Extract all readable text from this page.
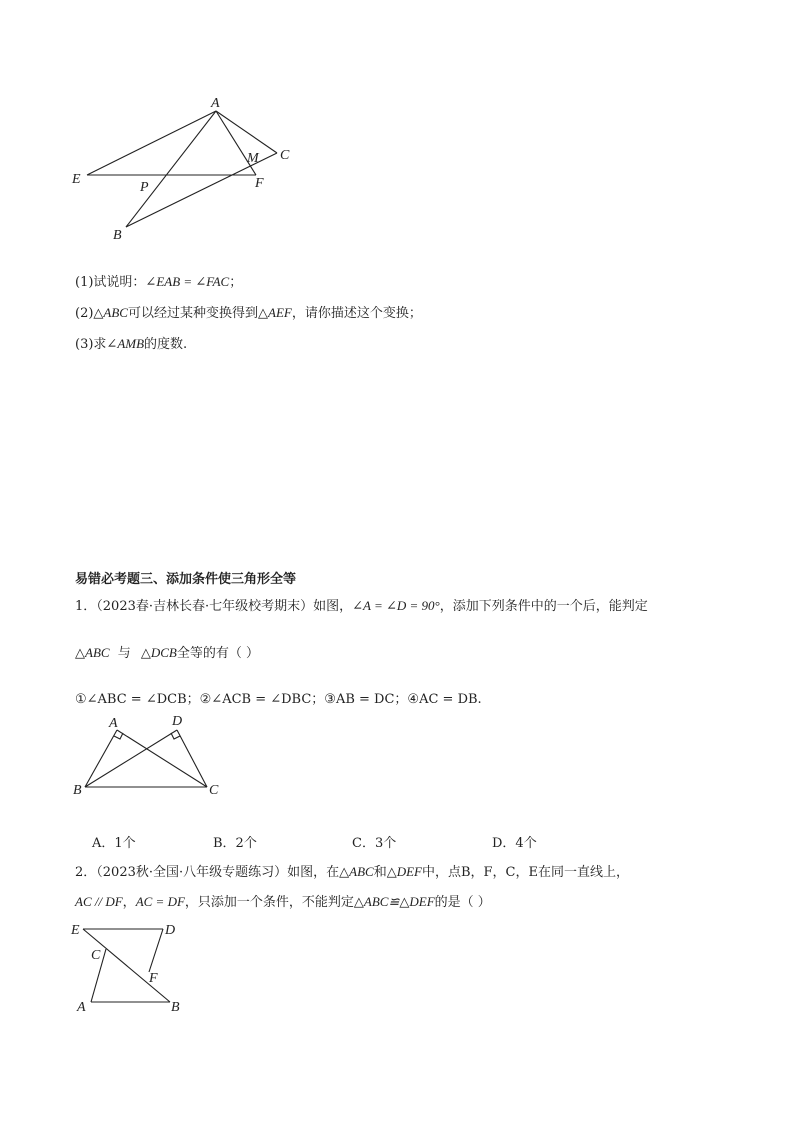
A
C
M
E
P	F
B
(1)试说明：∠EAB = ∠FAC；
(2)△ABC可以经过某种变换得到△AEF，请你描述这个变换；
(3)求∠AMB的度数.
易错必考题三、添加条件使三角形全等
1．（2023春·吉林长春·七年级校考期末）如图，∠A = ∠D = 90°，添加下列条件中的一个后，能判定
△ABC 与 △DCB全等的有（ ）
①∠ABC = ∠DCB；②∠ACB = ∠DBC；③AB = DC；④AC = DB.
A	D
B	C
A．1个	B．2个	C．3个	D．4个
2．（2023秋·全国·八年级专题练习）如图，在△ABC和△DEF中，点B，F，C，E在同一直线上，
AC // DF，AC = DF，只添加一个条件，不能判定△ABC≌△DEF的是（ ）
E	D
C
F
A	B
